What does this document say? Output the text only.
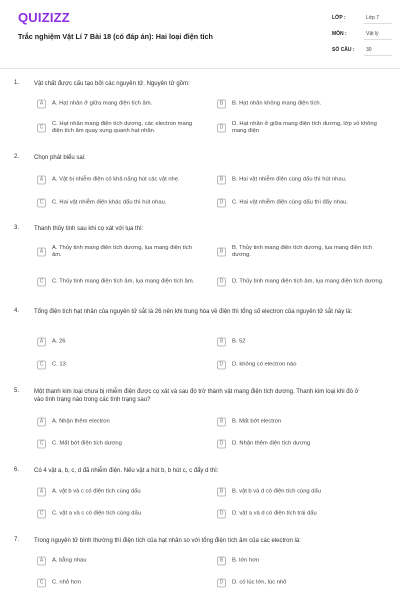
QUIZIZZ
Trắc nghiệm Vật Lí 7 Bài 18 (có đáp án): Hai loại điện tích
LỚP :	Lớp 7
MÔN :	Vật lý
SỐ CÂU : 30
1. Vật chất được cấu tạo bởi các nguyên tử. Nguyên tử gồm:
A	A. Hạt nhân ở giữa mang điện tích âm.	B	B. Hạt nhân không mang điện tích.
C
C. Hạt nhân mang điện tích dương, các electron mang điện tích âm quay xung quanh hạt nhân.
D
D. Hạt nhân ở giữa mang điện tích dương, lớp vỏ không mang điện
2. Chọn phát biểu sai:
A	A. Vật bị nhiễm điện có khả năng hút các vật nhẹ.	B	B. Hai vật nhiễm điện cùng dấu thì hút nhau.
C	C. Hai vật nhiễm điện khác dấu thì hút nhau.	D	C. Hai vật nhiễm điện cùng dấu thì đẩy nhau.
3. Thanh thủy tinh sau khi cọ xát với lụa thì:
A
A. Thủy tinh mang điện tích dương, lụa mang điện tích âm.
B
B. Thủy tinh mang điện tích dương, lụa mang điện tích dương.
C	C. Thủy tinh mang điện tích âm, lụa mang điện tích âm.	D	D. Thủy tinh mang điện tích âm, lụa mang điện tích dương.
4. Tổng điện tích hạt nhân của nguyên tử sắt là 26 nên khi trung hòa về điện thì tổng số electron của nguyên tử sắt này là:
A	A. 26	B	B. 52
C	C. 13	D	D. không có electron nào
5. Một thanh kim loại chưa bị nhiễm điện được cọ xát và sau đó trở thành vật mang điện tích dương. Thanh kim loại khi đó ở vào tình trạng nào trong các tình trạng sau?
A	A. Nhận thêm electron	B	B. Mất bớt electron
C	C. Mất bớt điện tích dương	D	D. Nhận thêm điện tích dương
6. Có 4 vật a, b, c, d đã nhiễm điện. Nếu vật a hút b, b hút c, c đẩy d thì:
A	A. vật b và c có điện tích cùng dấu	B	B. vật b và d có điện tích cùng dấu
C	C. vật a và c có điện tích cùng dấu	D	D. vật a và d có điện tích trái dấu
7. Trong nguyên tử bình thường thì điện tích của hạt nhân so với tổng điện tích âm của các electron là:
A	A. bằng nhau	B	B. lớn hơn
C	C. nhỏ hơn	D	D. có lúc lớn, lúc nhỏ
